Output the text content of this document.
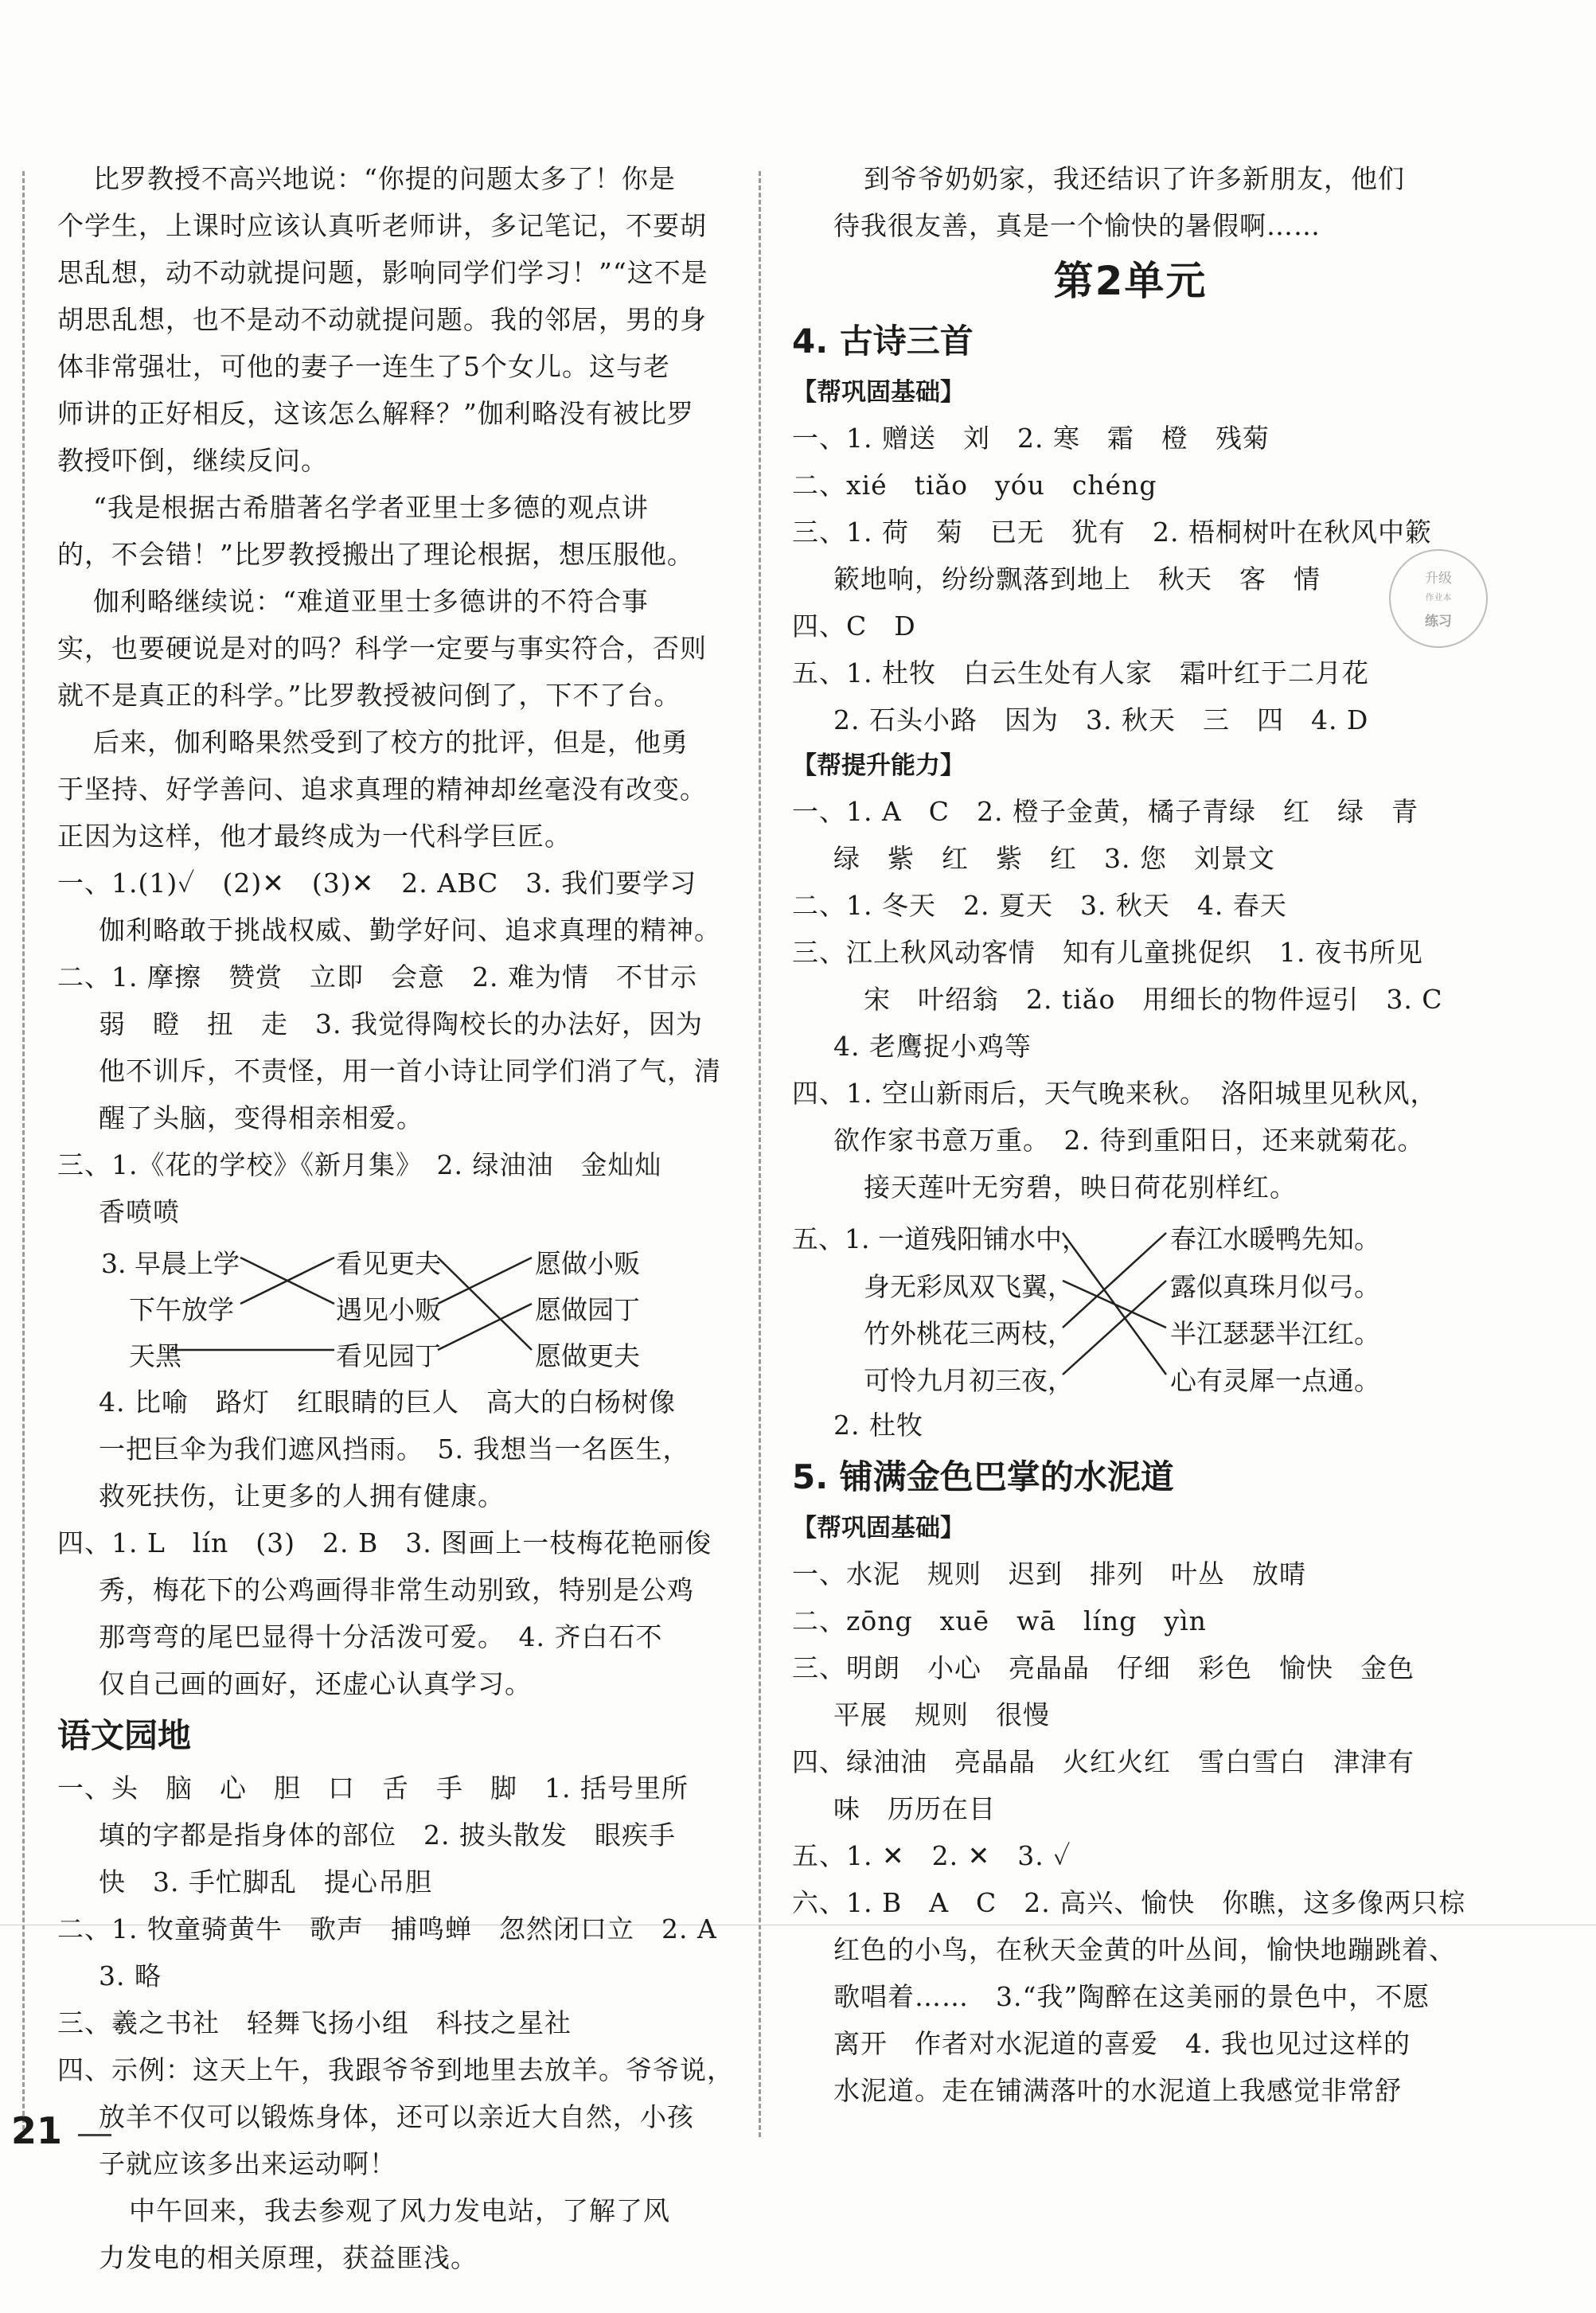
比罗教授不高兴地说：“你提的问题太多了！你是
个学生，上课时应该认真听老师讲，多记笔记，不要胡
思乱想，动不动就提问题，影响同学们学习！”“这不是
胡思乱想，也不是动不动就提问题。我的邻居，男的身
体非常强壮，可他的妻子一连生了5个女儿。这与老
师讲的正好相反，这该怎么解释？”伽利略没有被比罗
教授吓倒，继续反问。
“我是根据古希腊著名学者亚里士多德的观点讲
的，不会错！”比罗教授搬出了理论根据，想压服他。
伽利略继续说：“难道亚里士多德讲的不符合事
实，也要硬说是对的吗？科学一定要与事实符合，否则
就不是真正的科学。”比罗教授被问倒了，下不了台。
后来，伽利略果然受到了校方的批评，但是，他勇
于坚持、好学善问、追求真理的精神却丝毫没有改变。
正因为这样，他才最终成为一代科学巨匠。
一、1.(1)✓　(2)✕　(3)✕　2. ABC　3. 我们要学习
伽利略敢于挑战权威、勤学好问、追求真理的精神。
二、1. 摩擦　赞赏　立即　会意　2. 难为情　不甘示
弱　瞪　扭　走　3. 我觉得陶校长的办法好，因为
他不训斥，不责怪，用一首小诗让同学们消了气，清
醒了头脑，变得相亲相爱。
三、1.《花的学校》《新月集》　2. 绿油油　金灿灿
香喷喷
3. 早晨上学
下午放学
天黑
看见更夫
遇见小贩
看见园丁
愿做小贩
愿做园丁
愿做更夫
4. 比喻　路灯　红眼睛的巨人　高大的白杨树像
一把巨伞为我们遮风挡雨。　5. 我想当一名医生，
救死扶伤，让更多的人拥有健康。
四、1. L　lín　(3)　2. B　3. 图画上一枝梅花艳丽俊
秀，梅花下的公鸡画得非常生动别致，特别是公鸡
那弯弯的尾巴显得十分活泼可爱。　4. 齐白石不
仅自己画的画好，还虚心认真学习。
语文园地
一、头　脑　心　胆　口　舌　手　脚　1. 括号里所
填的字都是指身体的部位　2. 披头散发　眼疾手
快　3. 手忙脚乱　提心吊胆
二、1. 牧童骑黄牛　歌声　捕鸣蝉　忽然闭口立　2. A
3. 略
三、羲之书社　轻舞飞扬小组　科技之星社
四、示例：这天上午，我跟爷爷到地里去放羊。爷爷说，
放羊不仅可以锻炼身体，还可以亲近大自然，小孩
子就应该多出来运动啊！
中午回来，我去参观了风力发电站，了解了风
力发电的相关原理，获益匪浅。
到爷爷奶奶家，我还结识了许多新朋友，他们
待我很友善，真是一个愉快的暑假啊……
第2单元
4. 古诗三首
【帮巩固基础】
一、1. 赠送　刘　2. 寒　霜　橙　残菊
二、xié　tiǎo　yóu　chéng
三、1. 荷　菊　已无　犹有　2. 梧桐树叶在秋风中簌
簌地响，纷纷飘落到地上　秋天　客　情
四、C　D
五、1. 杜牧　白云生处有人家　霜叶红于二月花
2. 石头小路　因为　3. 秋天　三　四　4. D
【帮提升能力】
一、1. A　C　2. 橙子金黄，橘子青绿　红　绿　青
绿　紫　红　紫　红　3. 您　刘景文
二、1. 冬天　2. 夏天　3. 秋天　4. 春天
三、江上秋风动客情　知有儿童挑促织　1. 夜书所见
宋　叶绍翁　2. tiǎo　用细长的物件逗引　3. C
4. 老鹰捉小鸡等
四、1. 空山新雨后，天气晚来秋。　洛阳城里见秋风，
欲作家书意万重。　2. 待到重阳日，还来就菊花。
接天莲叶无穷碧，映日荷花别样红。
五、1. 一道残阳铺水中，
身无彩凤双飞翼，
竹外桃花三两枝，
可怜九月初三夜，
春江水暖鸭先知。
露似真珠月似弓。
半江瑟瑟半江红。
心有灵犀一点通。
2. 杜牧
5. 铺满金色巴掌的水泥道
【帮巩固基础】
一、水泥　规则　迟到　排列　叶丛　放晴
二、zōng　xuē　wā　líng　yìn
三、明朗　小心　亮晶晶　仔细　彩色　愉快　金色
平展　规则　很慢
四、绿油油　亮晶晶　火红火红　雪白雪白　津津有
味　历历在目
五、1. ✕　2. ✕　3. ✓
六、1. B　A　C　2. 高兴、愉快　你瞧，这多像两只棕
红色的小鸟，在秋天金黄的叶丛间，愉快地蹦跳着、
歌唱着……　3.“我”陶醉在这美丽的景色中，不愿
离开　作者对水泥道的喜爱　4. 我也见过这样的
水泥道。走在铺满落叶的水泥道上我感觉非常舒
升级
作业本
练习
21
